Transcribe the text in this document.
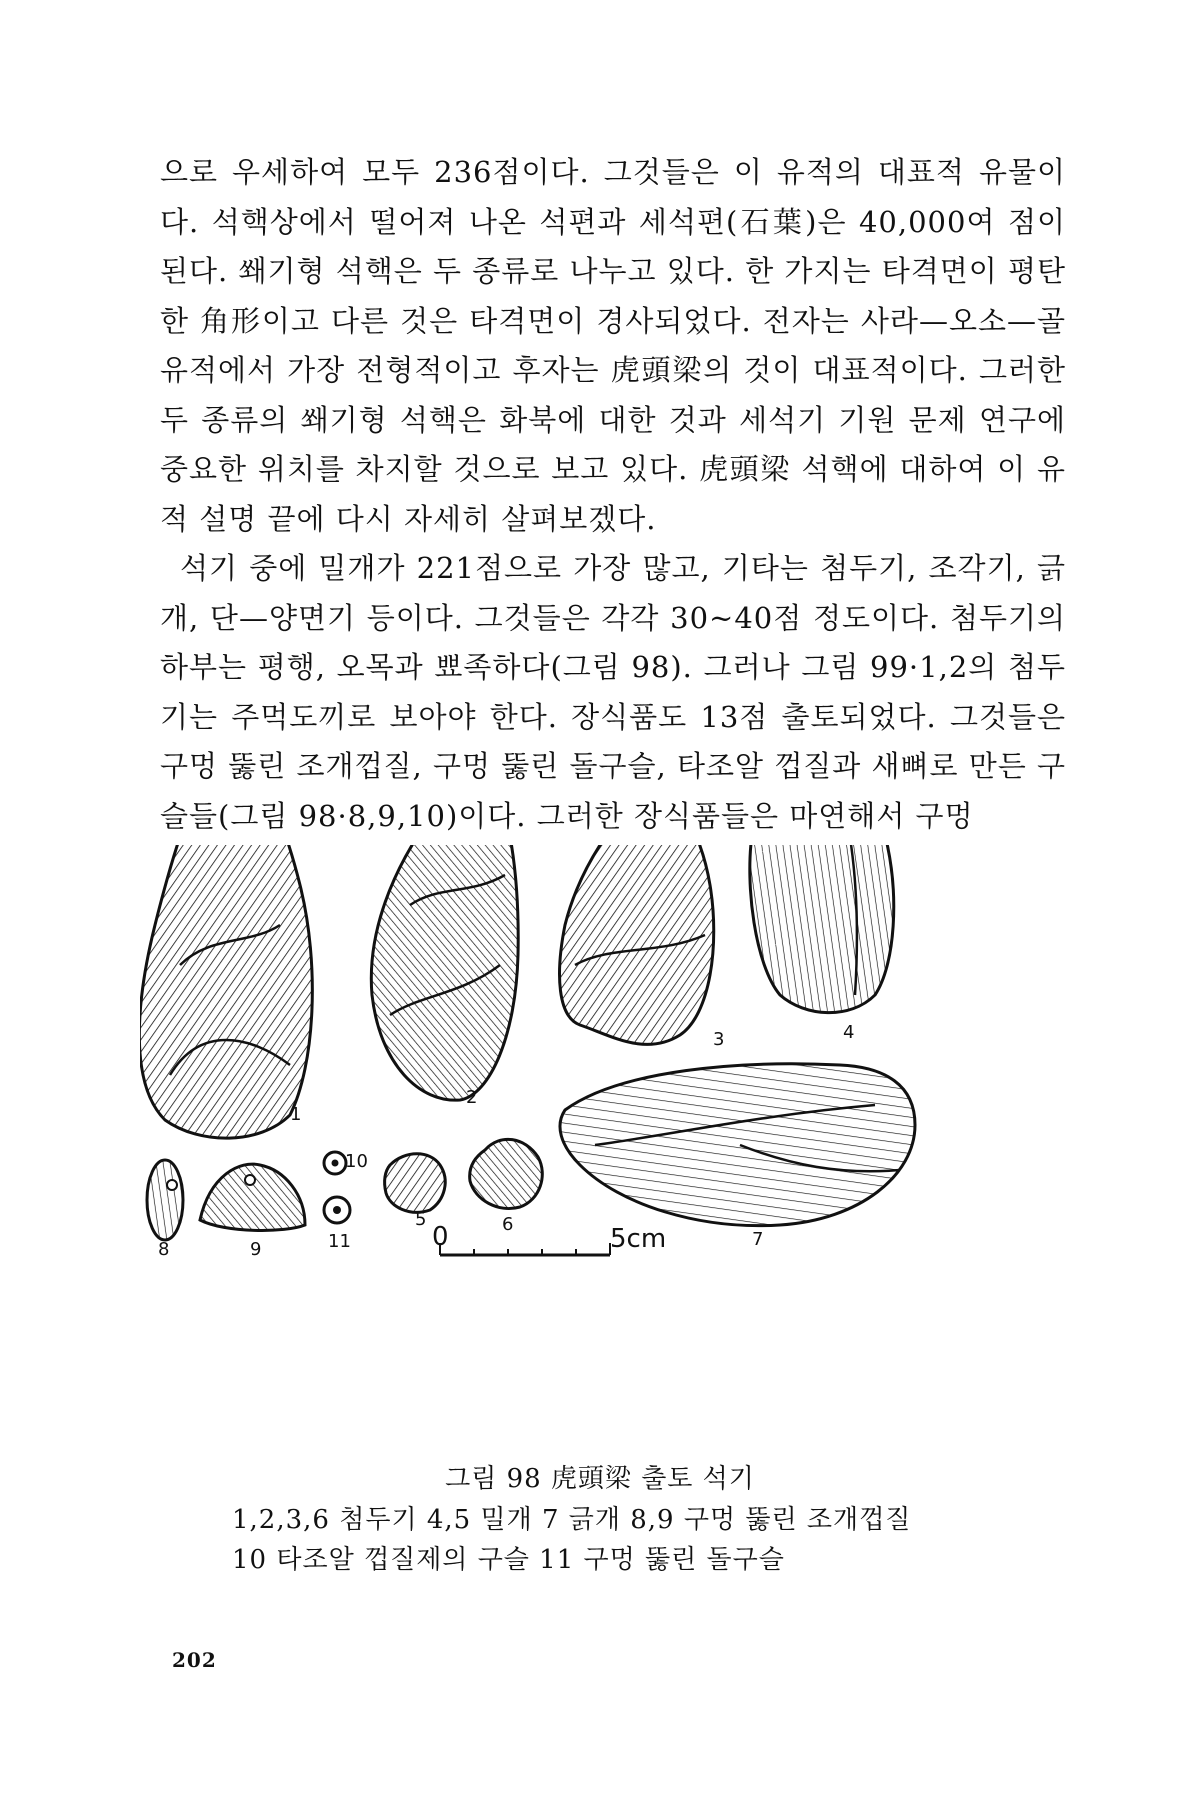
으로 우세하여 모두 236점이다. 그것들은 이 유적의 대표적 유물이다. 석핵상에서 떨어져 나온 석편과 세석편(石葉)은 40,000여 점이 된다. 쐐기형 석핵은 두 종류로 나누고 있다. 한 가지는 타격면이 평탄한 角形이고 다른 것은 타격면이 경사되었다. 전자는 사라—오소—골유적에서 가장 전형적이고 후자는 虎頭梁의 것이 대표적이다. 그러한 두 종류의 쐐기형 석핵은 화북에 대한 것과 세석기 기원 문제 연구에 중요한 위치를 차지할 것으로 보고 있다. 虎頭梁 석핵에 대하여 이 유적 설명 끝에 다시 자세히 살펴보겠다.

석기 중에 밀개가 221점으로 가장 많고, 기타는 첨두기, 조각기, 긁개, 단—양면기 등이다. 그것들은 각각 30~40점 정도이다. 첨두기의 하부는 평행, 오목과 뾰족하다(그림 98). 그러나 그림 99·1,2의 첨두기는 주먹도끼로 보아야 한다. 장식품도 13점 출토되었다. 그것들은 구멍 뚫린 조개껍질, 구멍 뚫린 돌구슬, 타조알 껍질과 새뼈로 만든 구슬들(그림 98·8,9,10)이다. 그러한 장식품들은 마연해서 구멍

1
2
3	4
5	6
7
8	9
10
11	0	5cm
그림 98 虎頭梁 출토 석기
1,2,3,6 첨두기 4,5 밀개 7 긁개 8,9 구멍 뚫린 조개껍질
10 타조알 껍질제의 구슬 11 구멍 뚫린 돌구슬
202
